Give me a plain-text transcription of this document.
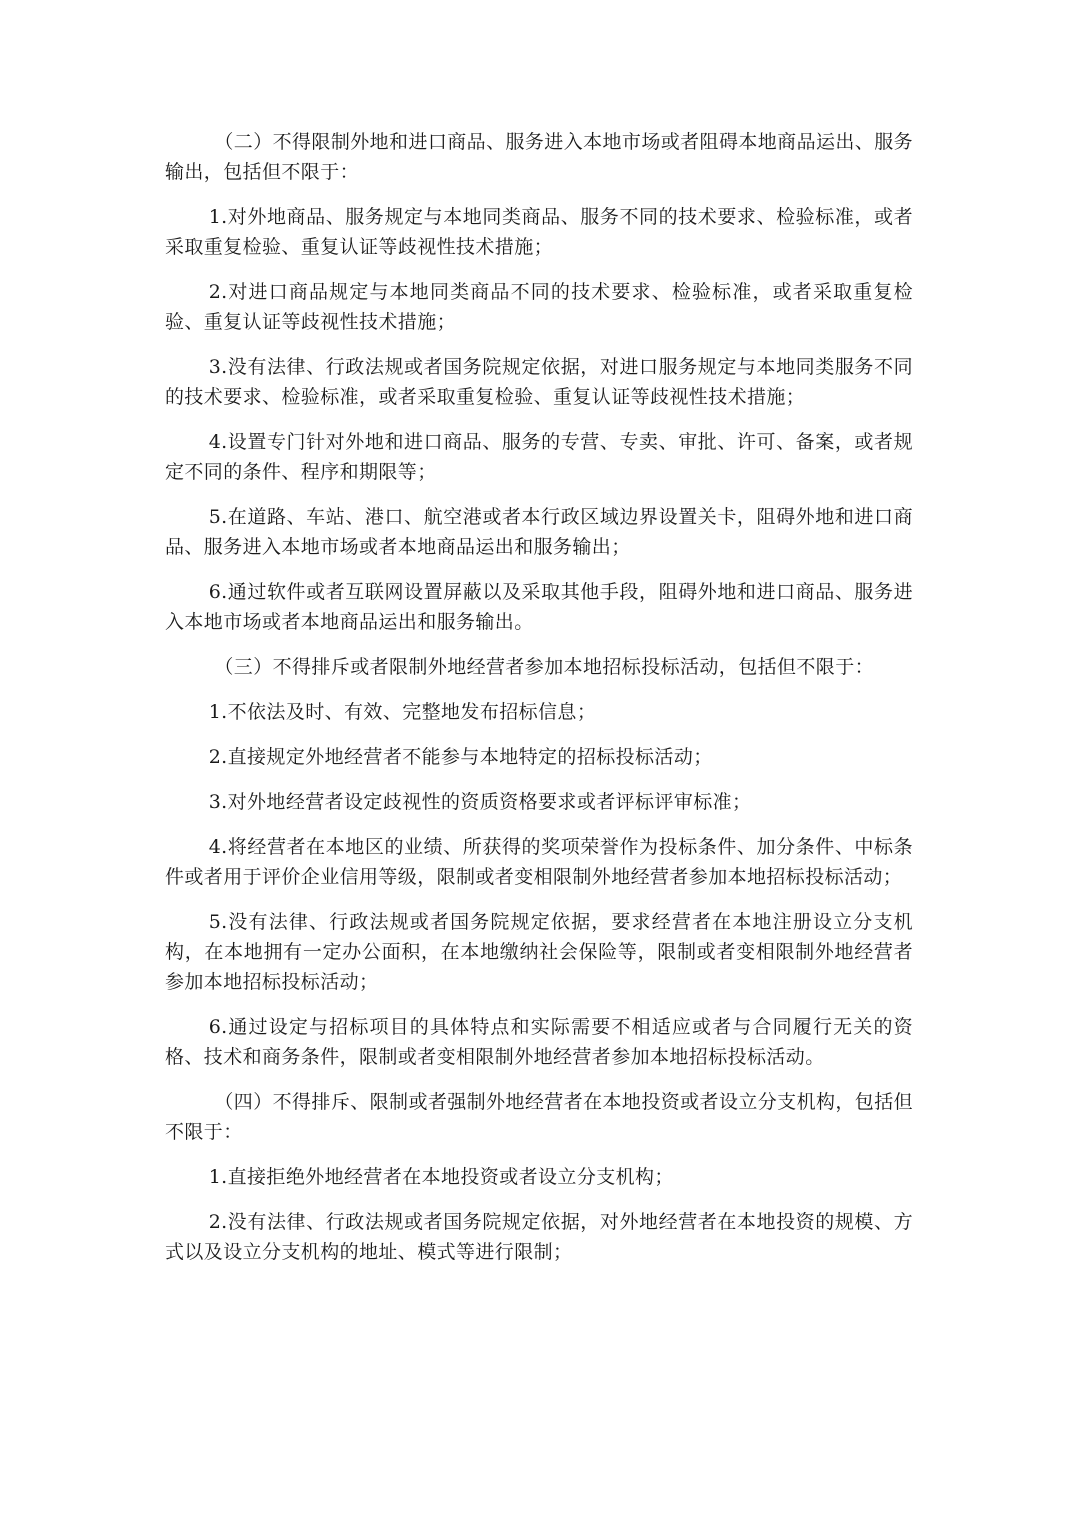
（二）不得限制外地和进口商品、服务进入本地市场或者阻碍本地商品运出、服务输出，包括但不限于：

1.对外地商品、服务规定与本地同类商品、服务不同的技术要求、检验标准，或者采取重复检验、重复认证等歧视性技术措施；

2.对进口商品规定与本地同类商品不同的技术要求、检验标准，或者采取重复检验、重复认证等歧视性技术措施；

3.没有法律、行政法规或者国务院规定依据，对进口服务规定与本地同类服务不同的技术要求、检验标准，或者采取重复检验、重复认证等歧视性技术措施；

4.设置专门针对外地和进口商品、服务的专营、专卖、审批、许可、备案，或者规定不同的条件、程序和期限等；

5.在道路、车站、港口、航空港或者本行政区域边界设置关卡，阻碍外地和进口商品、服务进入本地市场或者本地商品运出和服务输出；

6.通过软件或者互联网设置屏蔽以及采取其他手段，阻碍外地和进口商品、服务进入本地市场或者本地商品运出和服务输出。

（三）不得排斥或者限制外地经营者参加本地招标投标活动，包括但不限于：

1.不依法及时、有效、完整地发布招标信息；

2.直接规定外地经营者不能参与本地特定的招标投标活动；

3.对外地经营者设定歧视性的资质资格要求或者评标评审标准；

4.将经营者在本地区的业绩、所获得的奖项荣誉作为投标条件、加分条件、中标条件或者用于评价企业信用等级，限制或者变相限制外地经营者参加本地招标投标活动；

5.没有法律、行政法规或者国务院规定依据，要求经营者在本地注册设立分支机构，在本地拥有一定办公面积，在本地缴纳社会保险等，限制或者变相限制外地经营者参加本地招标投标活动；

6.通过设定与招标项目的具体特点和实际需要不相适应或者与合同履行无关的资格、技术和商务条件，限制或者变相限制外地经营者参加本地招标投标活动。

（四）不得排斥、限制或者强制外地经营者在本地投资或者设立分支机构，包括但不限于：

1.直接拒绝外地经营者在本地投资或者设立分支机构；

2.没有法律、行政法规或者国务院规定依据，对外地经营者在本地投资的规模、方式以及设立分支机构的地址、模式等进行限制；
